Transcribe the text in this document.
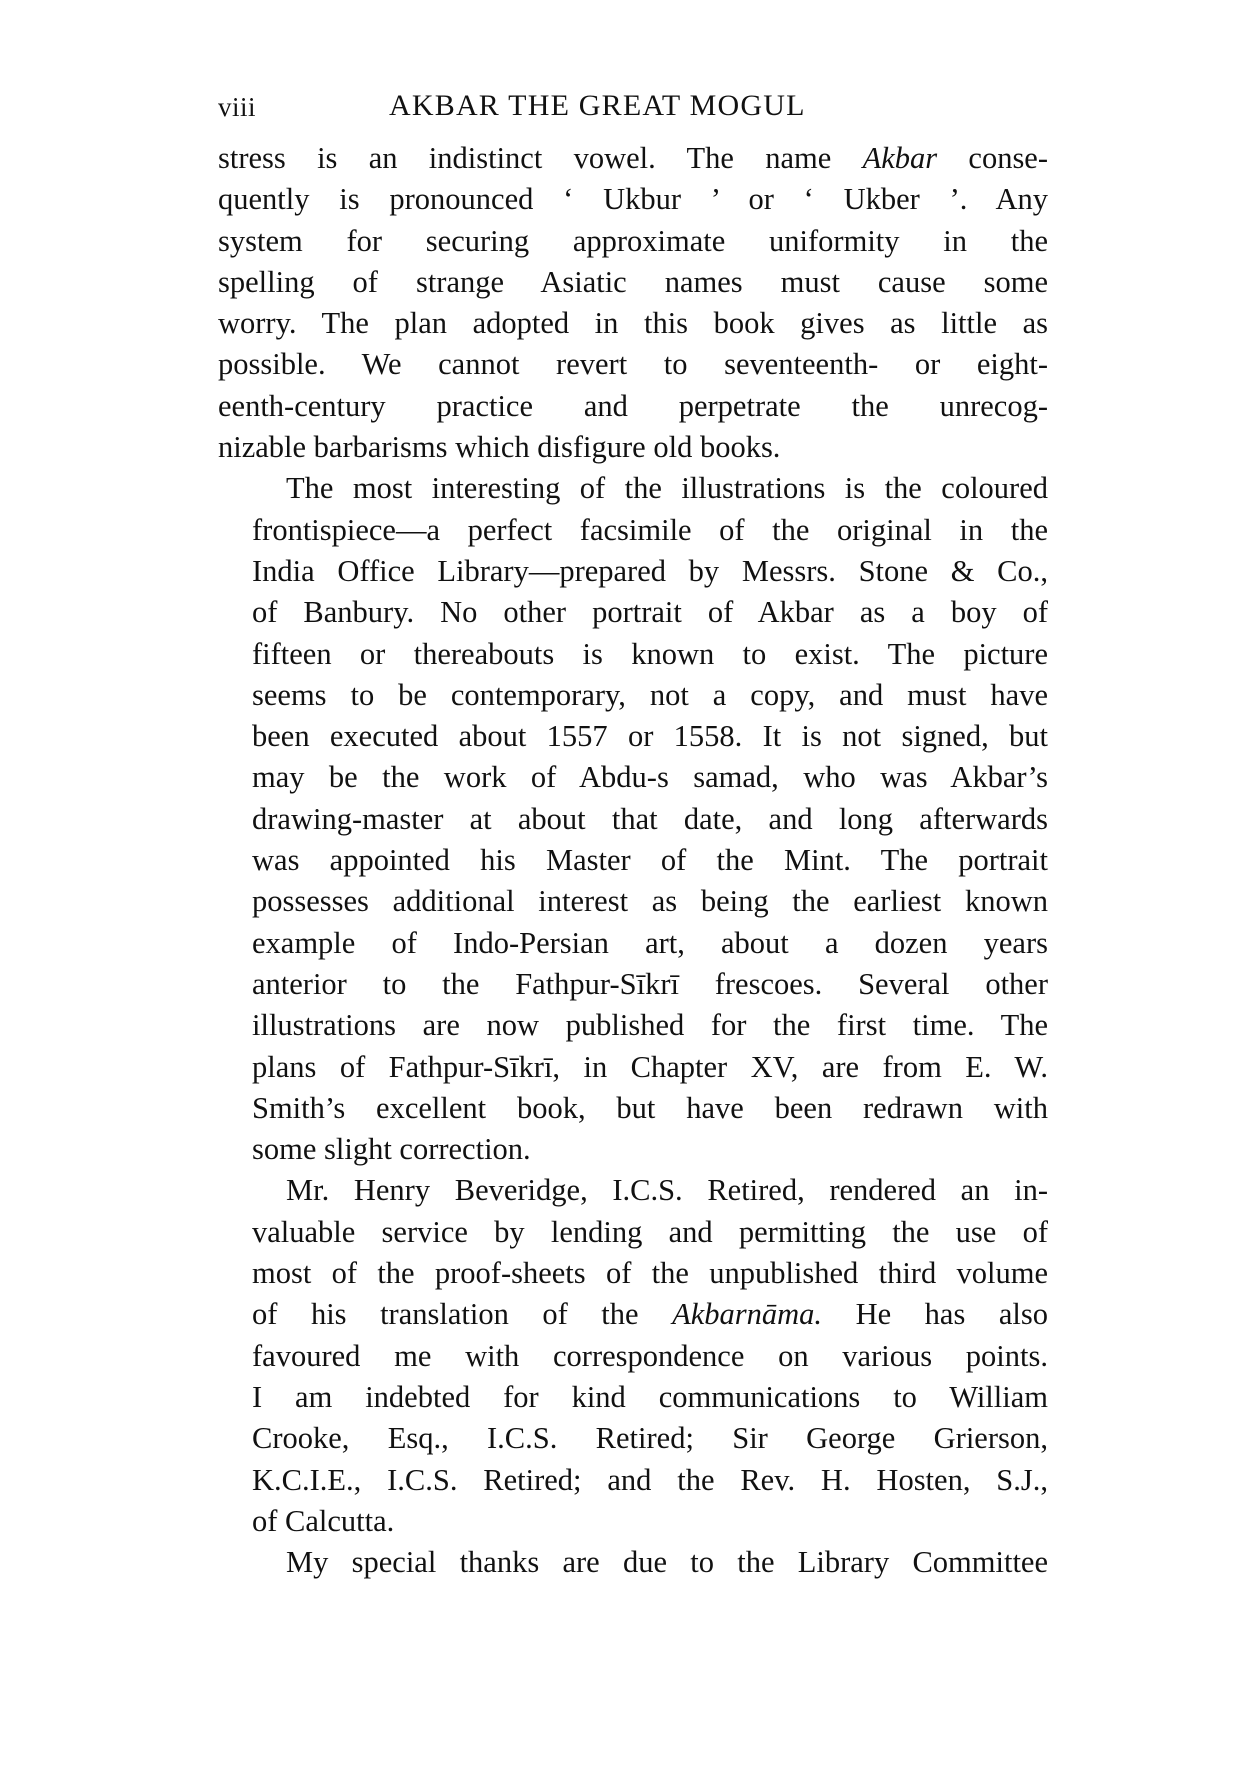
viii	AKBAR THE GREAT MOGUL
stress is an indistinct vowel. The name Akbar conse-
quently is pronounced ‘ Ukbur ’ or ‘ Ukber ’. Any
system for securing approximate uniformity in the
spelling of strange Asiatic names must cause some
worry. The plan adopted in this book gives as little as
possible. We cannot revert to seventeenth- or eight-
eenth-century practice and perpetrate the unrecog-
nizable barbarisms which disfigure old books.
The most interesting of the illustrations is the coloured
frontispiece—a perfect facsimile of the original in the
India Office Library—prepared by Messrs. Stone & Co.,
of Banbury. No other portrait of Akbar as a boy of
fifteen or thereabouts is known to exist. The picture
seems to be contemporary, not a copy, and must have
been executed about 1557 or 1558. It is not signed, but
may be the work of Abdu-s samad, who was Akbar’s
drawing-master at about that date, and long afterwards
was appointed his Master of the Mint. The portrait
possesses additional interest as being the earliest known
example of Indo-Persian art, about a dozen years
anterior to the Fathpur-Sīkrī frescoes. Several other
illustrations are now published for the first time. The
plans of Fathpur-Sīkrī, in Chapter XV, are from E. W.
Smith’s excellent book, but have been redrawn with
some slight correction.
Mr. Henry Beveridge, I.C.S. Retired, rendered an in-
valuable service by lending and permitting the use of
most of the proof-sheets of the unpublished third volume
of his translation of the Akbarnāma. He has also
favoured me with correspondence on various points.
I am indebted for kind communications to William
Crooke, Esq., I.C.S. Retired; Sir George Grierson,
K.C.I.E., I.C.S. Retired; and the Rev. H. Hosten, S.J.,
of Calcutta.
My special thanks are due to the Library Committee
